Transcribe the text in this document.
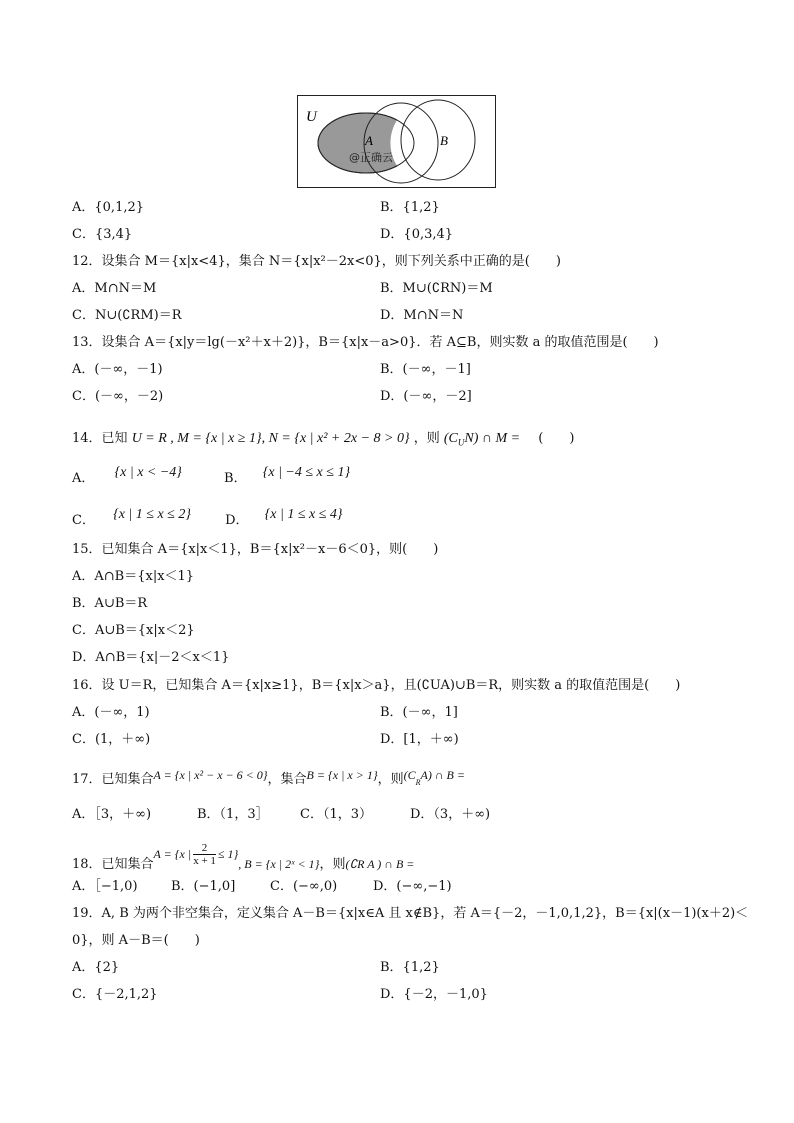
U
A	B
@正确云
A．{0,1,2}	B．{1,2}
C．{3,4}	D．{0,3,4}
12．设集合 M＝{x|x<4}，集合 N＝{x|x²－2x<0}，则下列关系中正确的是(　　)
A．M∩N＝M	B．M∪(∁RN)＝M
C．N∪(∁RM)＝R	D．M∩N＝N
13．设集合 A＝{x|y＝lg(－x²＋x＋2)}，B＝{x|x－a>0}．若 A⊆B，则实数 a 的取值范围是(　　)
A．(－∞，－1)	B．(－∞，－1]
C．(－∞，－2)	D．(－∞，－2]
14．已知 U = R , M = {x | x ≥ 1}, N = {x | x² + 2x − 8 > 0} ，则 $(C_UN)$ ∩ M = (　　)
A． {x | x < −4}	B． {x | −4 ≤ x ≤ 1}
C． {x | 1 ≤ x ≤ 2}	D． {x | 1 ≤ x ≤ 4}
15．已知集合 A＝{x|x＜1}，B＝{x|x²－x－6＜0}，则(　　)
A．A∩B＝{x|x＜1}
B．A∪B＝R
C．A∪B＝{x|x＜2}
D．A∩B＝{x|－2＜x＜1}
16．设 U＝R，已知集合 A＝{x|x≥1}，B＝{x|x＞a}，且(∁UA)∪B＝R，则实数 a 的取值范围是(　　)
A．(－∞，1)	B．(－∞，1]
C．(1，＋∞)	D．[1，＋∞)
17．已知集合A = {x | x² − x − 6 < 0}，集合B = {x | x > 1}，则$(C_RA)$ ∩ B =
A．［3，＋∞)	B．（1，3］ C．（1，3）	D．（3，＋∞)
18．已知集合A = {x | $\frac{2}{x + 1} \le 1$}, B = {x | 2ˣ < 1}，则(∁R A ) ∩ B =
A．［−1,0)	B．(−1,0]	C．(−∞,0)	D．(−∞,−1)
19．A, B 为两个非空集合，定义集合 A－B＝{x|x∈A 且 x∉B}，若 A＝{－2，－1,0,1,2}，B＝{x|(x－1)(x＋2)＜
0}，则 A－B＝(　　)
A．{2}	B．{1,2}
C．{－2,1,2}	D．{－2，－1,0}
